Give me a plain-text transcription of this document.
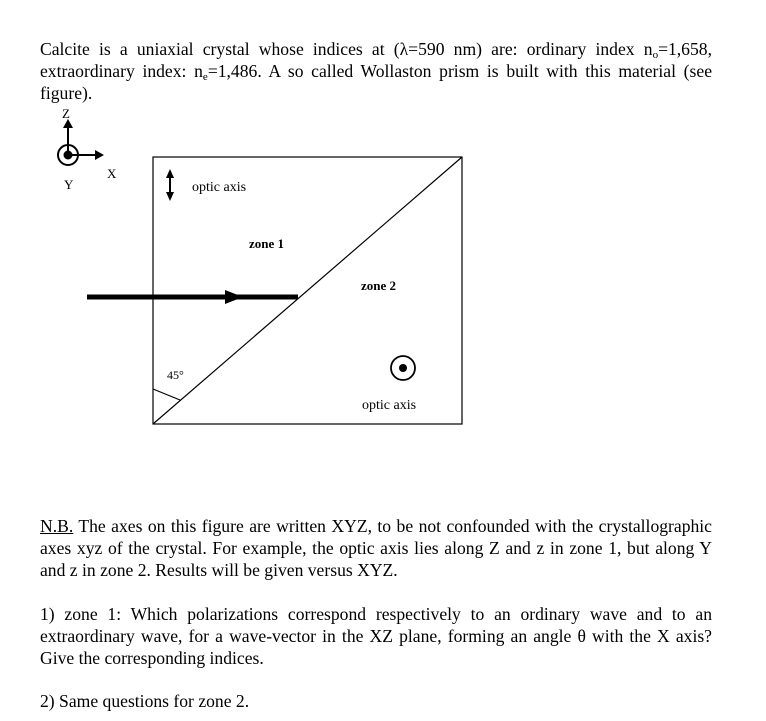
Calcite is a uniaxial crystal whose indices at (λ=590 nm) are: ordinary index $n_o=1,658$, extraordinary index: $n_e=1,486$. A so called Wollaston prism is built with this material (see figure).
Z
Y
X
optic axis
zone 1
zone 2
45°
optic axis
N.B. The axes on this figure are written XYZ, to be not confounded with the crystallographic axes xyz of the crystal. For example, the optic axis lies along Z and z in zone 1, but along Y and z in zone 2. Results will be given versus XYZ.
1) zone 1: Which polarizations correspond respectively to an ordinary wave and to an extraordinary wave, for a wave-vector in the XZ plane, forming an angle θ with the X axis? Give the corresponding indices.
2) Same questions for zone 2.
